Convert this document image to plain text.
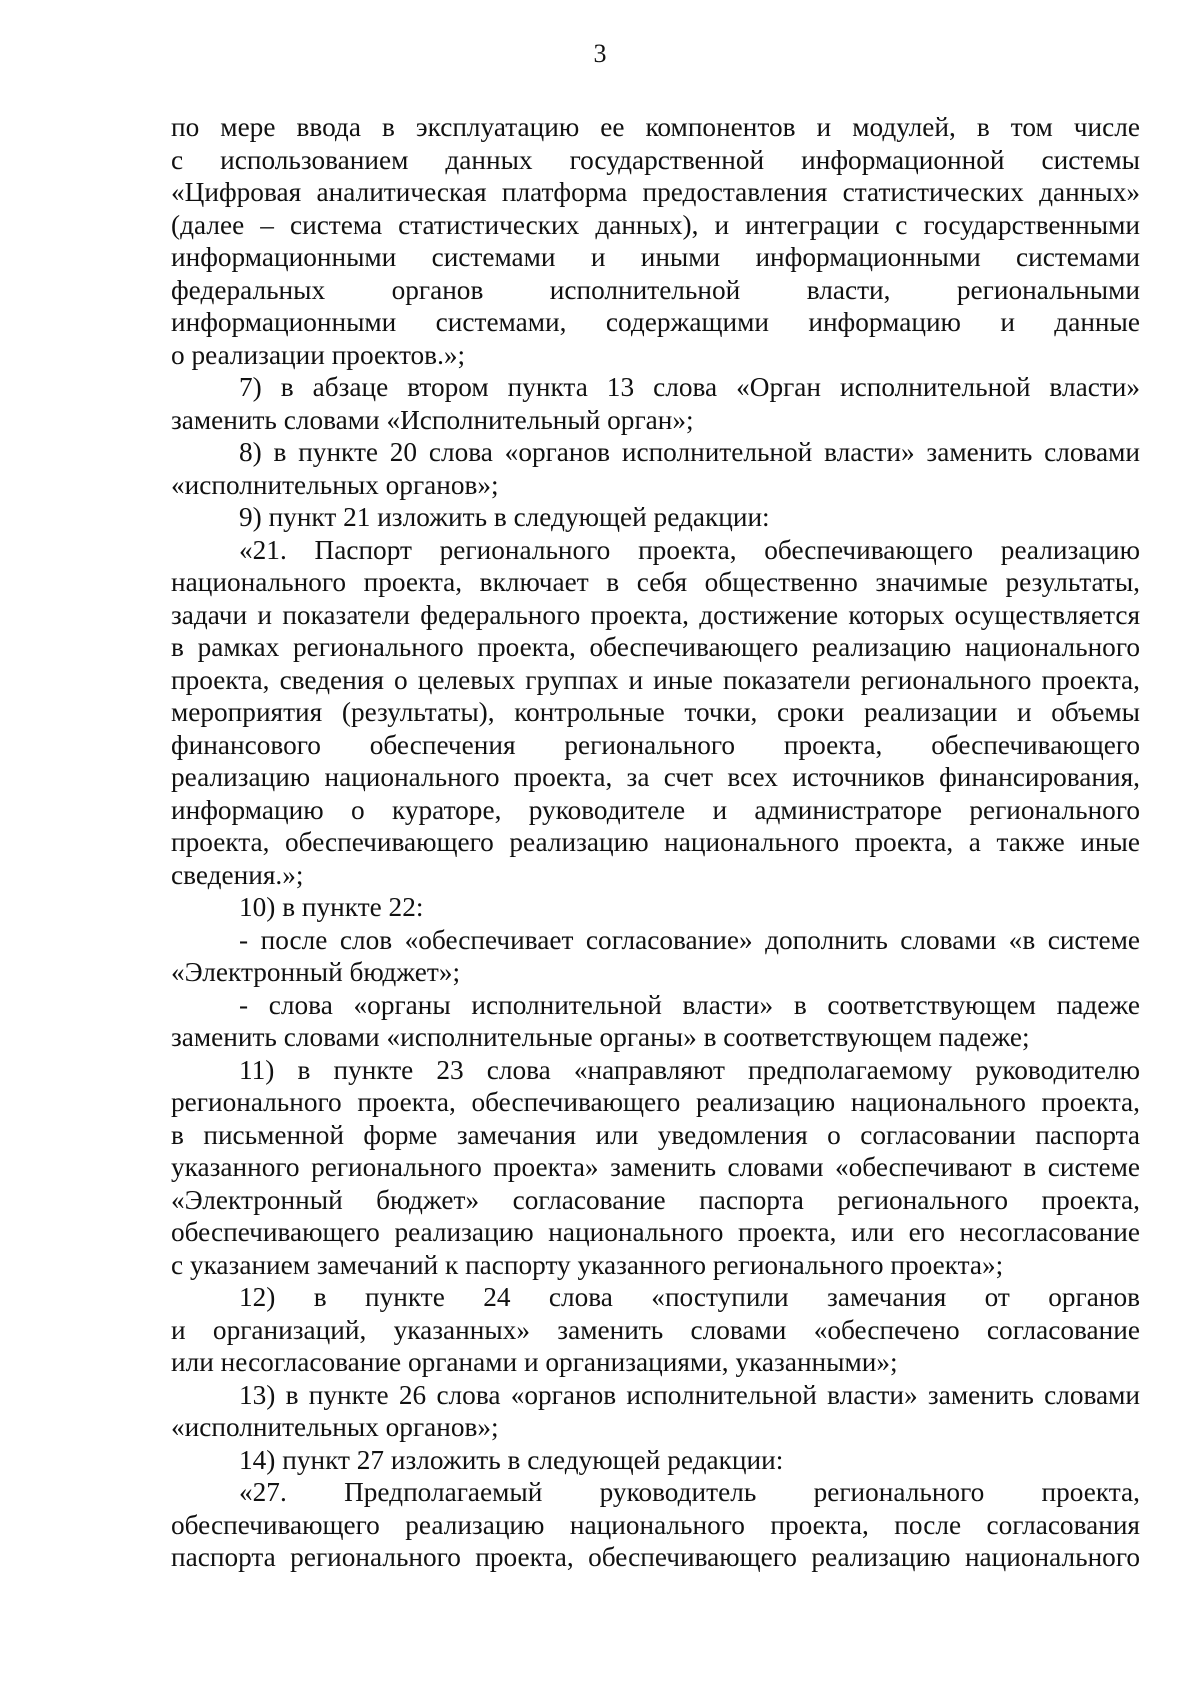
3

по мере ввода в эксплуатацию ее компонентов и модулей, в том числе

с использованием данных государственной информационной системы

«Цифровая аналитическая платформа предоставления статистических данных»

(далее – система статистических данных), и интеграции с государственными

информационными системами и иными информационными системами

федеральных органов исполнительной власти, региональными

информационными системами, содержащими информацию и данные

о реализации проектов.»;

7) в абзаце втором пункта 13 слова «Орган исполнительной власти»

заменить словами «Исполнительный орган»;

8) в пункте 20 слова «органов исполнительной власти» заменить словами

«исполнительных органов»;

9) пункт 21 изложить в следующей редакции:

«21. Паспорт регионального проекта, обеспечивающего реализацию

национального проекта, включает в себя общественно значимые результаты,

задачи и показатели федерального проекта, достижение которых осуществляется

в рамках регионального проекта, обеспечивающего реализацию национального

проекта, сведения о целевых группах и иные показатели регионального проекта,

мероприятия (результаты), контрольные точки, сроки реализации и объемы

финансового обеспечения регионального проекта, обеспечивающего

реализацию национального проекта, за счет всех источников финансирования,

информацию о кураторе, руководителе и администраторе регионального

проекта, обеспечивающего реализацию национального проекта, а также иные

сведения.»;

10) в пункте 22:

- после слов «обеспечивает согласование» дополнить словами «в системе

«Электронный бюджет»;

- слова «органы исполнительной власти» в соответствующем падеже

заменить словами «исполнительные органы» в соответствующем падеже;

11) в пункте 23 слова «направляют предполагаемому руководителю

регионального проекта, обеспечивающего реализацию национального проекта,

в письменной форме замечания или уведомления о согласовании паспорта

указанного регионального проекта» заменить словами «обеспечивают в системе

«Электронный бюджет» согласование паспорта регионального проекта,

обеспечивающего реализацию национального проекта, или его несогласование

с указанием замечаний к паспорту указанного регионального проекта»;

12) в пункте 24 слова «поступили замечания от органов

и организаций, указанных» заменить словами «обеспечено согласование

или несогласование органами и организациями, указанными»;

13) в пункте 26 слова «органов исполнительной власти» заменить словами

«исполнительных органов»;

14) пункт 27 изложить в следующей редакции:

«27. Предполагаемый руководитель регионального проекта,

обеспечивающего реализацию национального проекта, после согласования

паспорта регионального проекта, обеспечивающего реализацию национального
